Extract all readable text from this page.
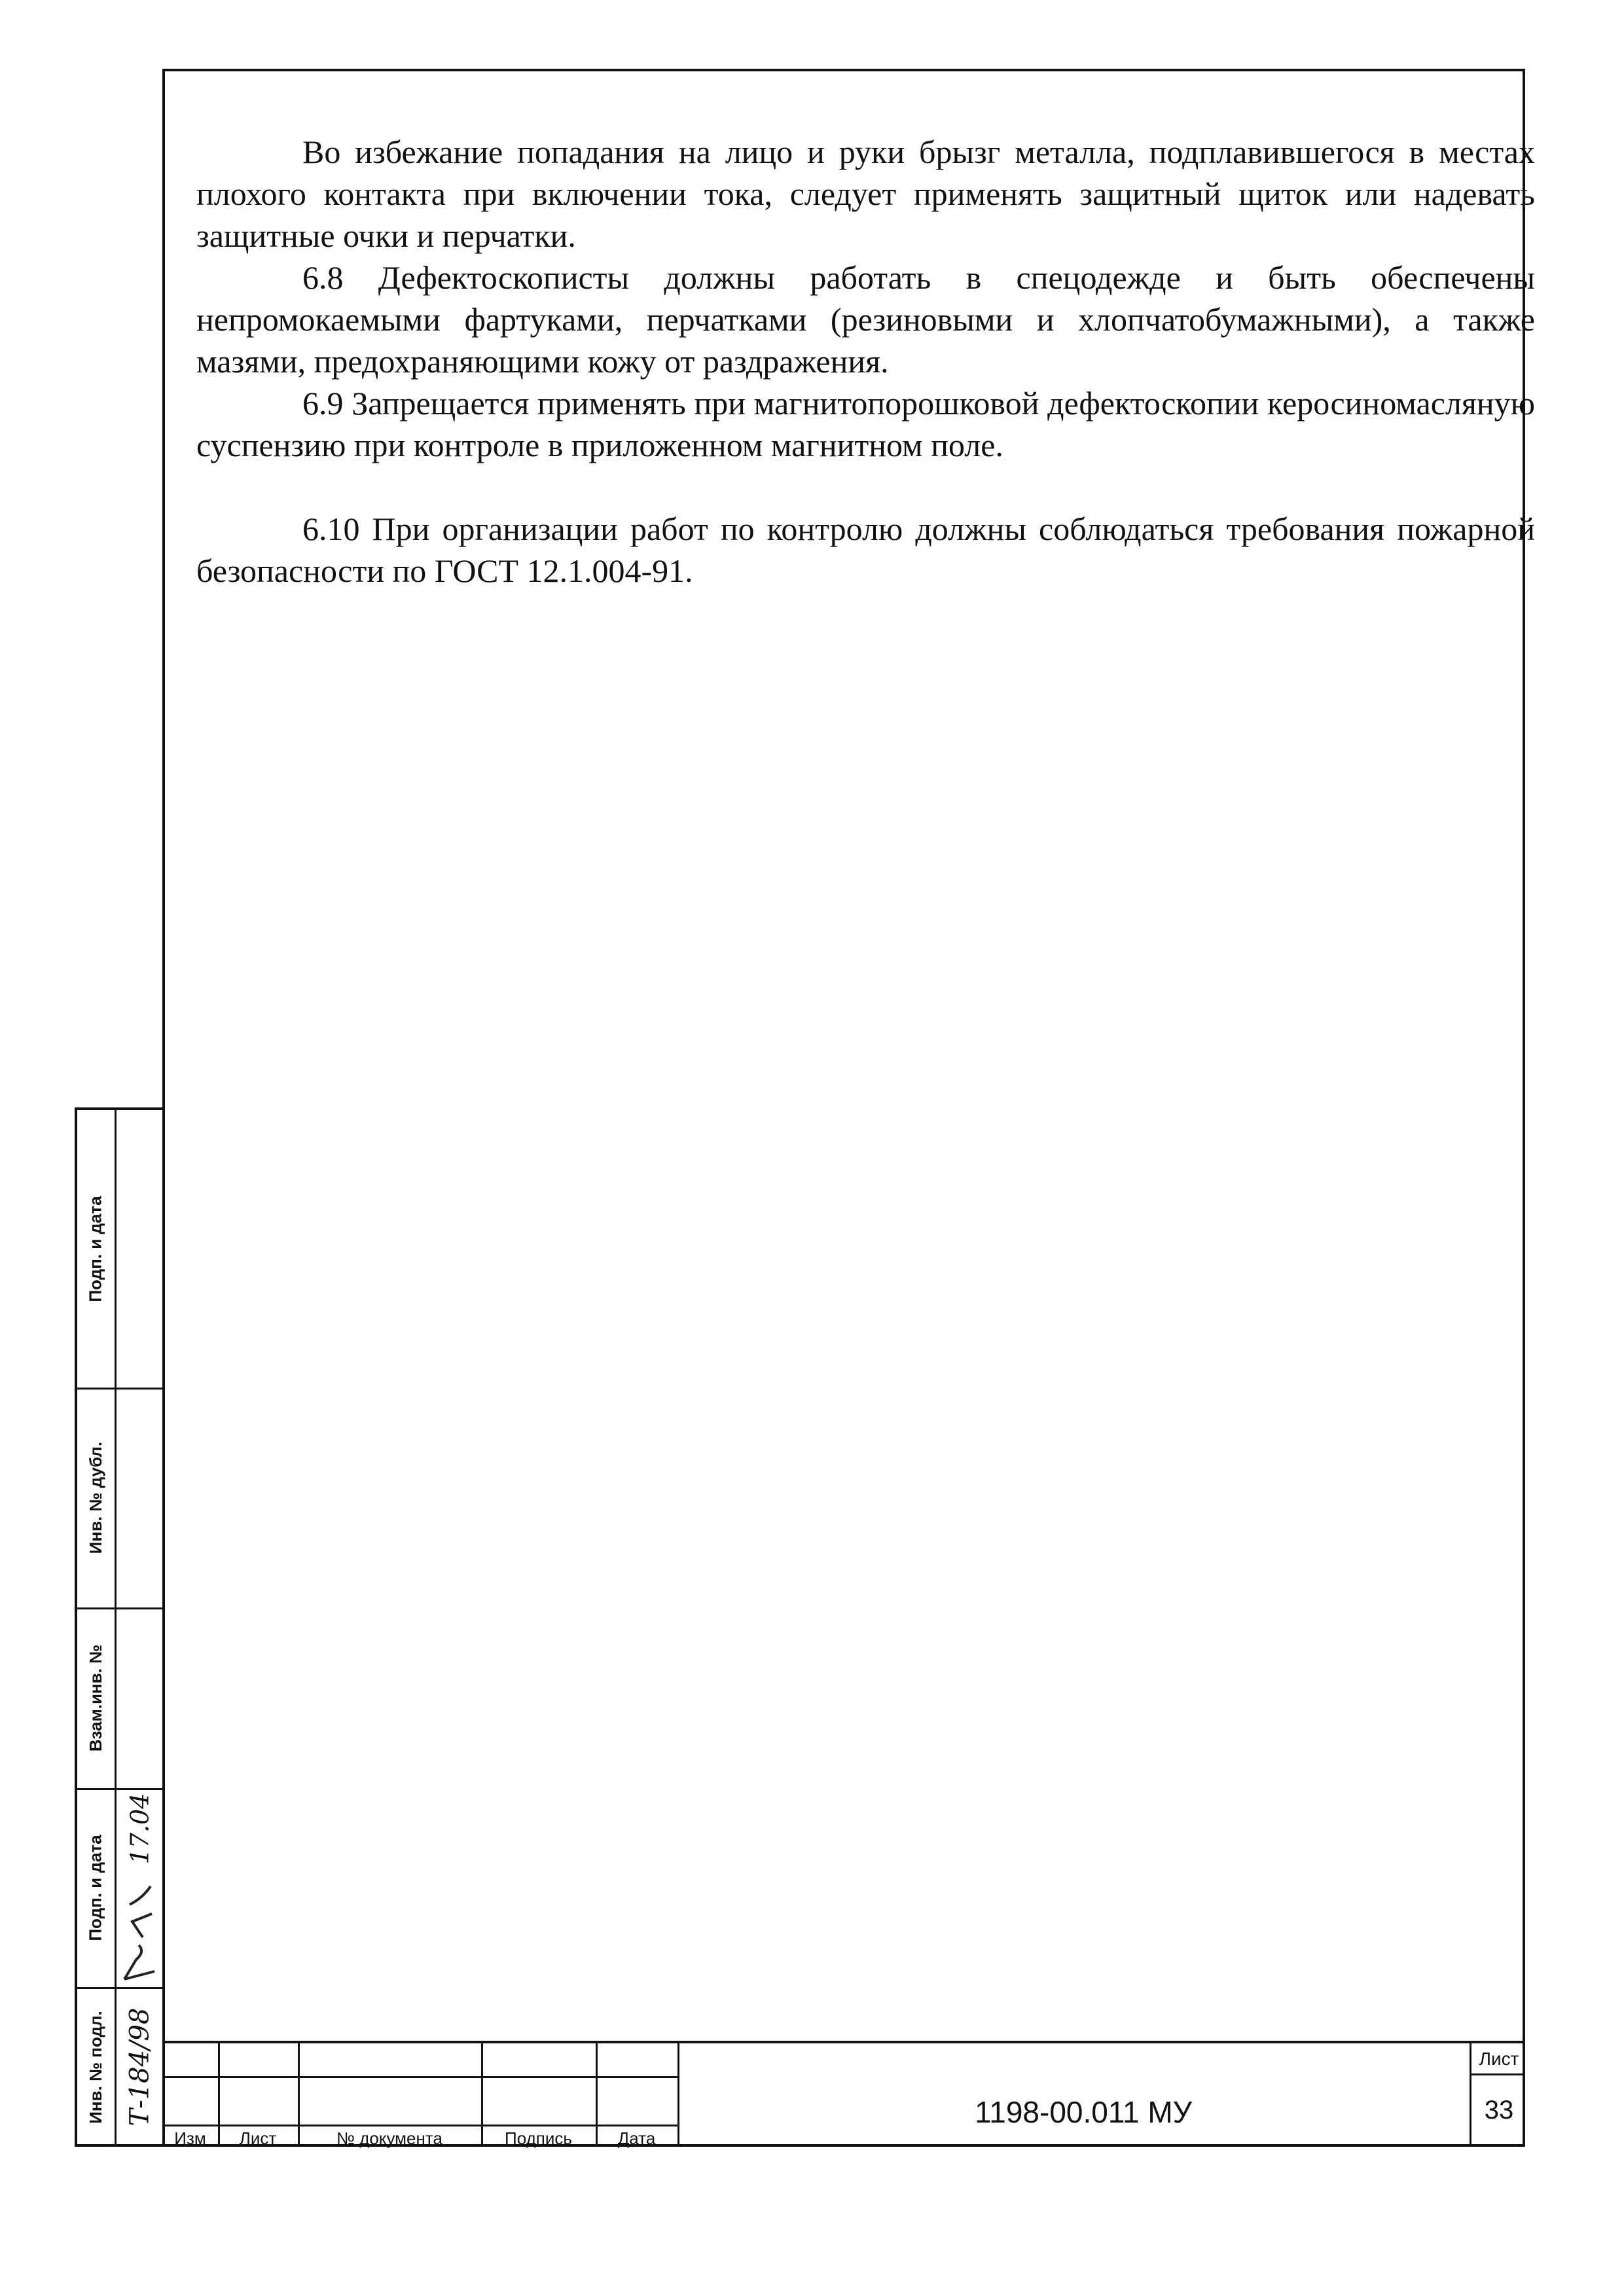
Во избежание попадания на лицо и руки брызг металла, подплавившегося в местах плохого контакта при включении тока, следует применять защитный щиток или надевать защитные очки и перчатки.

6.8 Дефектоскописты должны работать в спецодежде и быть обеспечены непромокаемыми фартуками, перчатками (резиновыми и хлопчатобумажными), а также мазями, предохраняющими кожу от раздражения.

6.9 Запрещается применять при магнитопорошковой дефектоскопии керосиномасляную суспензию при контроле в приложенном магнитном поле.

6.10 При организации работ по контролю должны соблюдаться требования пожарной безопасности по ГОСТ 12.1.004-91.

Подп. и дата
Инв. № дубл.
Взам.инв. №
Подп. и дата
Инв. № подл.
17.04
Т-184/98
Изм	Лист	№ документа	Подпись	Дата
1198-00.011 МУ
Лист
33
